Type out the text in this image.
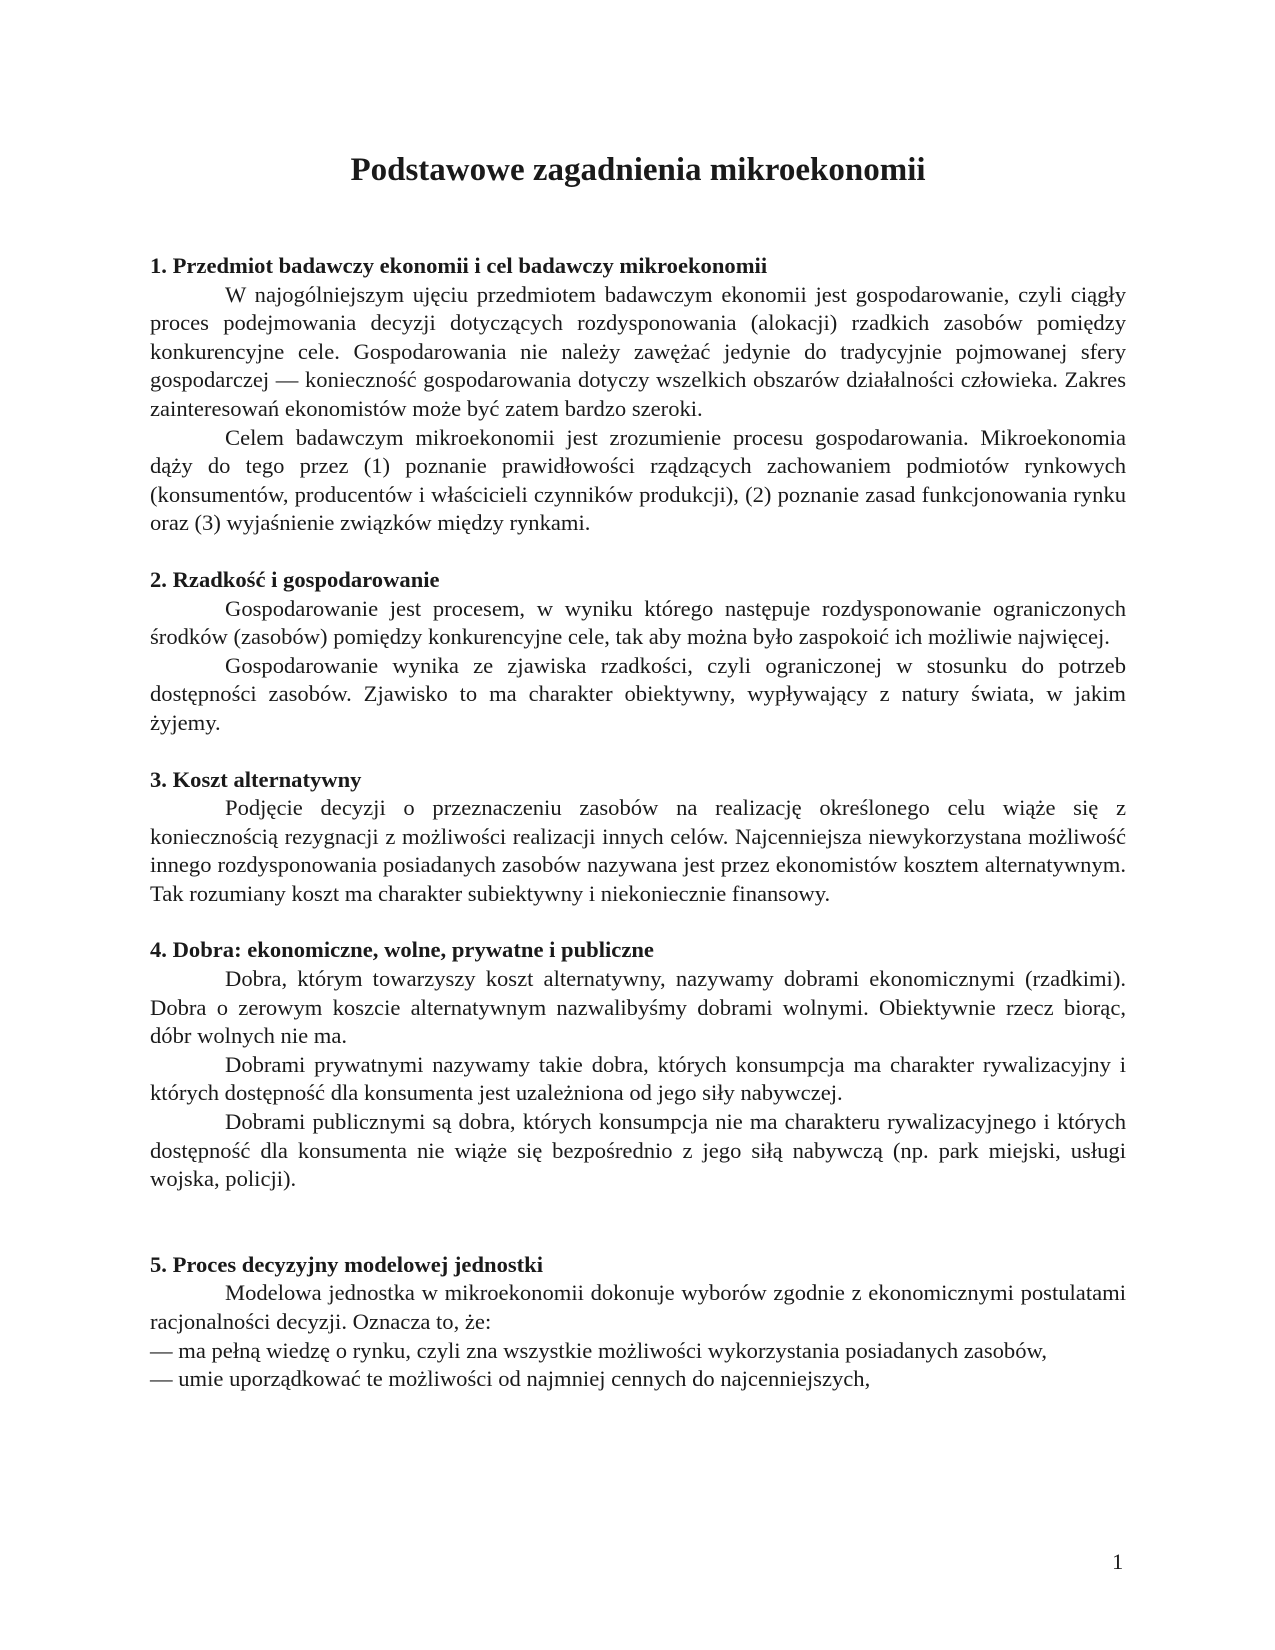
Podstawowe zagadnienia mikroekonomii
1. Przedmiot badawczy ekonomii i cel badawczy mikroekonomii

W najogólniejszym ujęciu przedmiotem badawczym ekonomii jest gospodarowanie, czyli ciągły proces podejmowania decyzji dotyczących rozdysponowania (alokacji) rzadkich zasobów pomiędzy konkurencyjne cele. Gospodarowania nie należy zawężać jedynie do tradycyjnie pojmowanej sfery gospodarczej — konieczność gospodarowania dotyczy wszelkich obszarów działalności człowieka. Zakres zainteresowań ekonomistów może być zatem bardzo szeroki.

Celem badawczym mikroekonomii jest zrozumienie procesu gospodarowania. Mikroekonomia dąży do tego przez (1) poznanie prawidłowości rządzących zachowaniem podmiotów rynkowych (konsumentów, producentów i właścicieli czynników produkcji), (2) poznanie zasad funkcjonowania rynku oraz (3) wyjaśnienie związków między rynkami.

2. Rzadkość i gospodarowanie

Gospodarowanie jest procesem, w wyniku którego następuje rozdysponowanie ograniczonych środków (zasobów) pomiędzy konkurencyjne cele, tak aby można było zaspokoić ich możliwie najwięcej.

Gospodarowanie wynika ze zjawiska rzadkości, czyli ograniczonej w stosunku do potrzeb dostępności zasobów. Zjawisko to ma charakter obiektywny, wypływający z natury świata, w jakim żyjemy.

3. Koszt alternatywny

Podjęcie decyzji o przeznaczeniu zasobów na realizację określonego celu wiąże się z koniecznością rezygnacji z możliwości realizacji innych celów. Najcenniejsza niewykorzystana możliwość innego rozdysponowania posiadanych zasobów nazywana jest przez ekonomistów kosztem alternatywnym. Tak rozumiany koszt ma charakter subiektywny i niekoniecznie finansowy.

4. Dobra: ekonomiczne, wolne, prywatne i publiczne

Dobra, którym towarzyszy koszt alternatywny, nazywamy dobrami ekonomicznymi (rzadkimi). Dobra o zerowym koszcie alternatywnym nazwalibyśmy dobrami wolnymi. Obiektywnie rzecz biorąc, dóbr wolnych nie ma.

Dobrami prywatnymi nazywamy takie dobra, których konsumpcja ma charakter rywalizacyjny i których dostępność dla konsumenta jest uzależniona od jego siły nabywczej.

Dobrami publicznymi są dobra, których konsumpcja nie ma charakteru rywalizacyjnego i których dostępność dla konsumenta nie wiąże się bezpośrednio z jego siłą nabywczą (np. park miejski, usługi wojska, policji).

5. Proces decyzyjny modelowej jednostki

Modelowa jednostka w mikroekonomii dokonuje wyborów zgodnie z ekonomicznymi postulatami racjonalności decyzji. Oznacza to, że:

— ma pełną wiedzę o rynku, czyli zna wszystkie możliwości wykorzystania posiadanych zasobów,

— umie uporządkować te możliwości od najmniej cennych do najcenniejszych,

1
